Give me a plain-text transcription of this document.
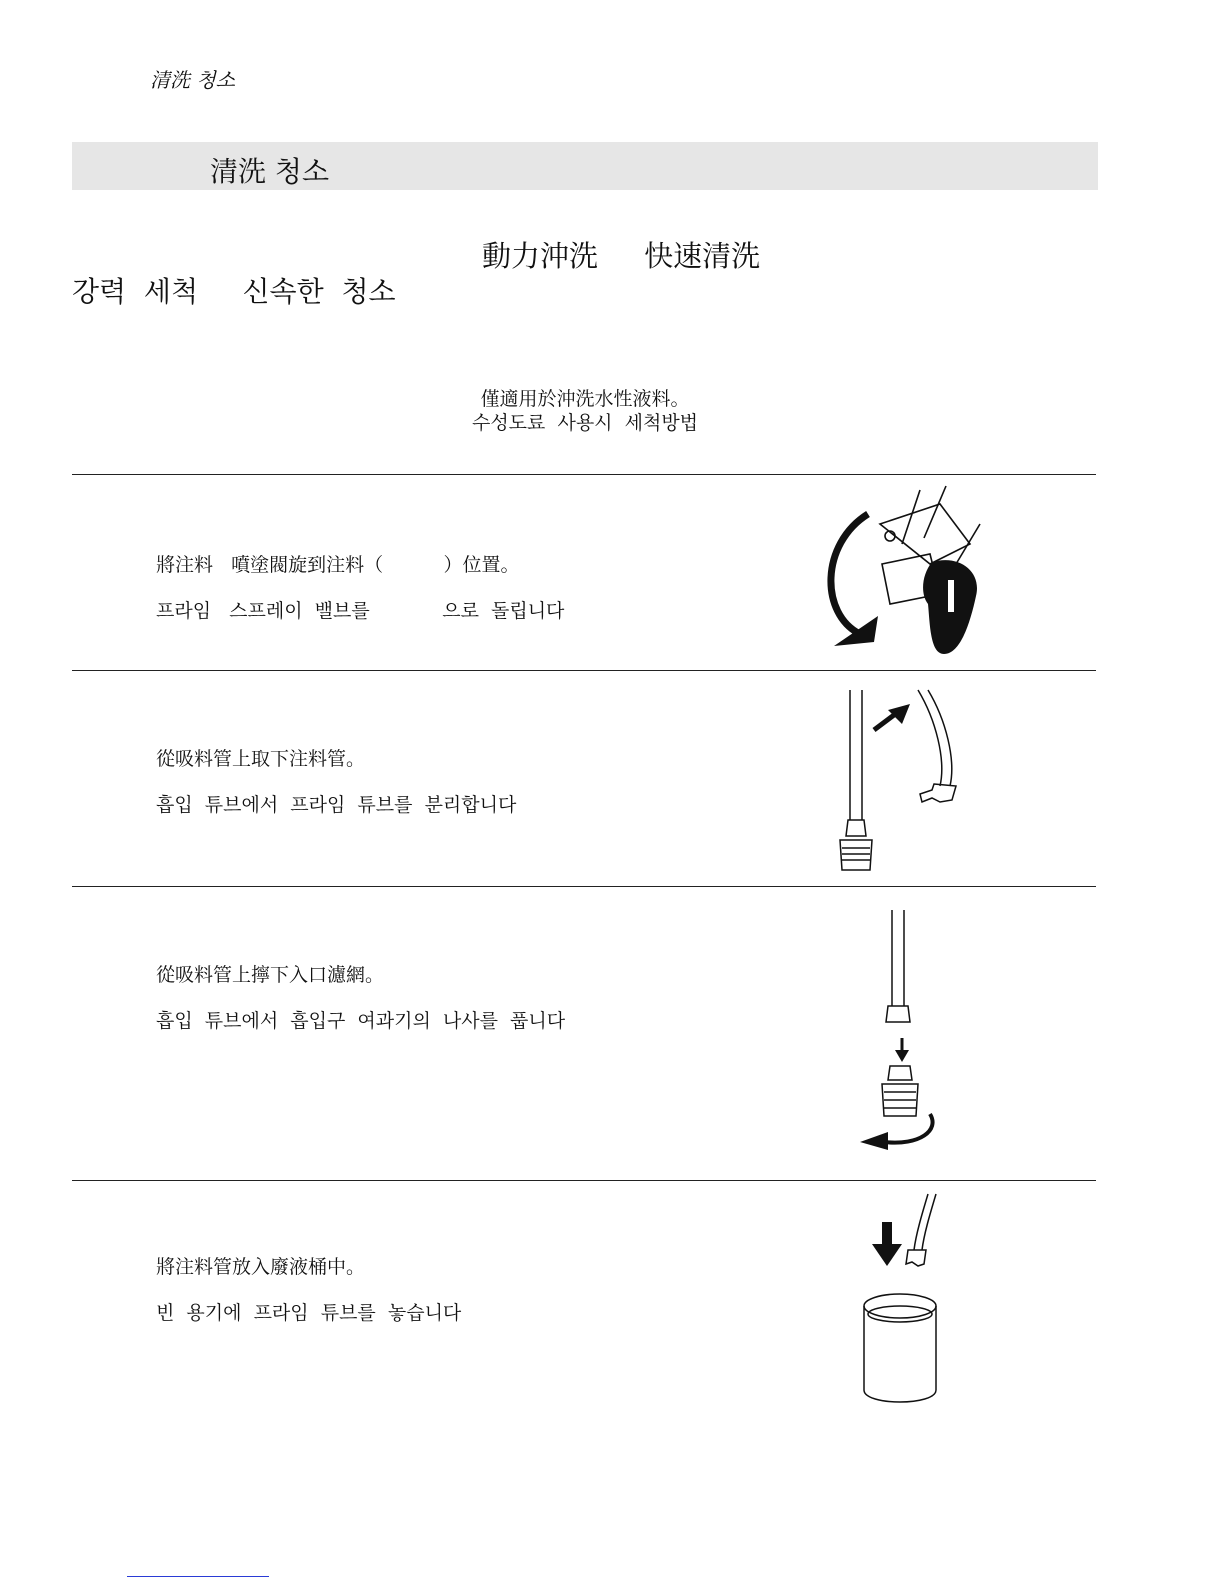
清洗 청소
清洗 청소
動力沖洗     快速清洗
강력  세척     신속한  청소
僅適用於沖洗水性液料。
수성도료  사용시  세척방법
將注料   噴塗閥旋到注料（          ）位置。
프라임   스프레이  밸브를            으로  돌립니다
從吸料管上取下注料管。
흡입  튜브에서  프라임  튜브를  분리합니다
從吸料管上擰下入口濾網。
흡입  튜브에서  흡입구  여과기의  나사를  풉니다
將注料管放入廢液桶中。
빈  용기에  프라임  튜브를  놓습니다
